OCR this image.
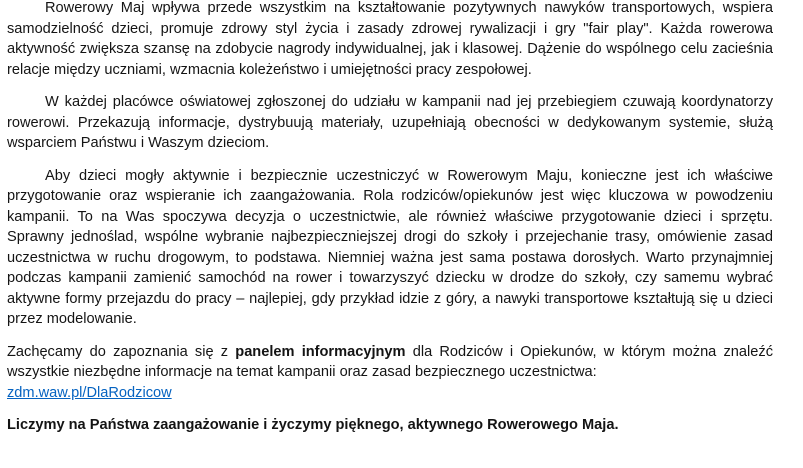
Rowerowy Maj wpływa przede wszystkim na kształtowanie pozytywnych nawyków transportowych, wspiera samodzielność dzieci, promuje zdrowy styl życia i zasady zdrowej rywalizacji i gry "fair play". Każda rowerowa aktywność zwiększa szansę na zdobycie nagrody indywidualnej, jak i klasowej. Dążenie do wspólnego celu zacieśnia relacje między uczniami, wzmacnia koleżeństwo i umiejętności pracy zespołowej.

W każdej placówce oświatowej zgłoszonej do udziału w kampanii nad jej przebiegiem czuwają koordynatorzy rowerowi. Przekazują informacje, dystrybuują materiały, uzupełniają obecności w dedykowanym systemie, służą wsparciem Państwu i Waszym dzieciom.

Aby dzieci mogły aktywnie i bezpiecznie uczestniczyć w Rowerowym Maju, konieczne jest ich właściwe przygotowanie oraz wspieranie ich zaangażowania. Rola rodziców/opiekunów jest więc kluczowa w powodzeniu kampanii. To na Was spoczywa decyzja o uczestnictwie, ale również właściwe przygotowanie dzieci i sprzętu. Sprawny jednoślad, wspólne wybranie najbezpieczniejszej drogi do szkoły i przejechanie trasy, omówienie zasad uczestnictwa w ruchu drogowym, to podstawa. Niemniej ważna jest sama postawa dorosłych. Warto przynajmniej podczas kampanii zamienić samochód na rower i towarzyszyć dziecku w drodze do szkoły, czy samemu wybrać aktywne formy przejazdu do pracy – najlepiej, gdy przykład idzie z góry, a nawyki transportowe kształtują się u dzieci przez modelowanie.

Zachęcamy do zapoznania się z panelem informacyjnym dla Rodziców i Opiekunów, w którym można znaleźć wszystkie niezbędne informacje na temat kampanii oraz zasad bezpiecznego uczestnictwa:
zdm.waw.pl/DlaRodzicow

Liczymy na Państwa zaangażowanie i życzymy pięknego, aktywnego Rowerowego Maja.
